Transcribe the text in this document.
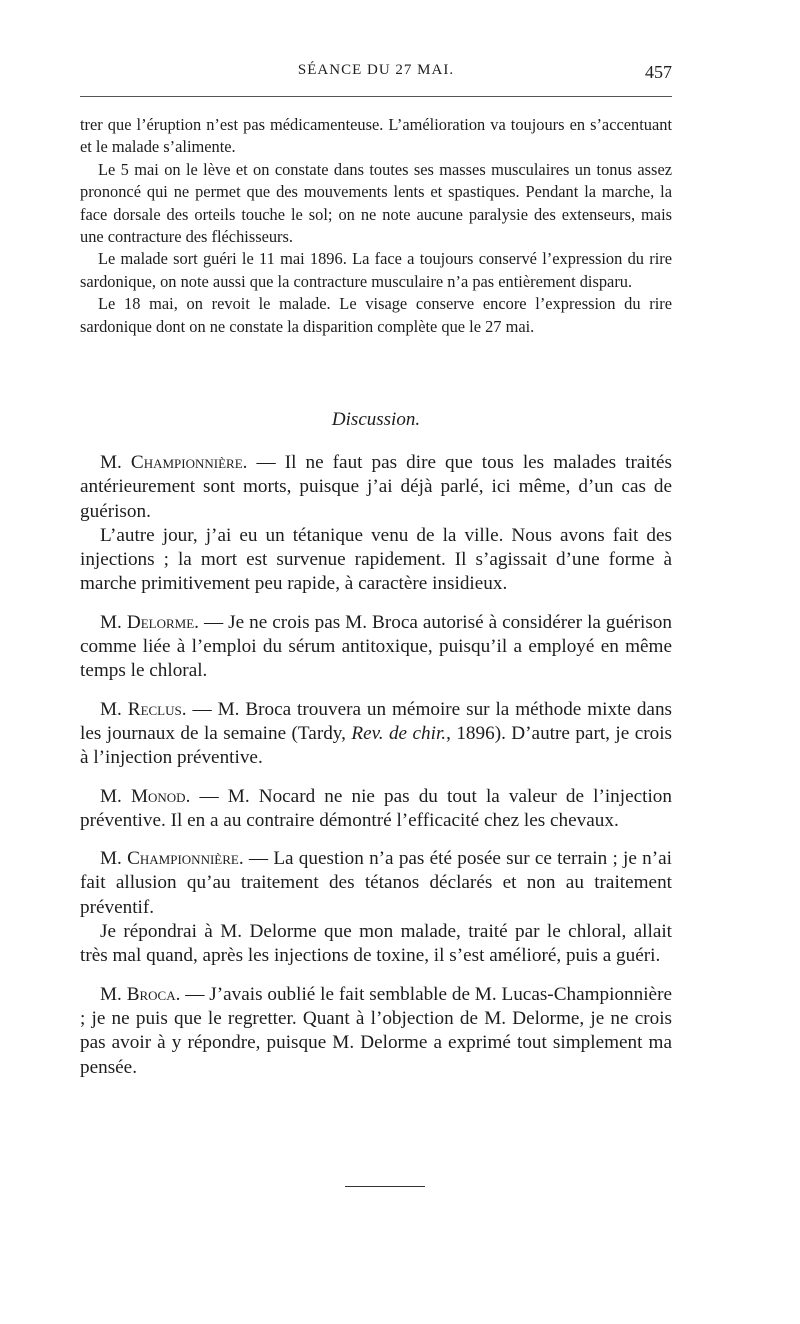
SÉANCE DU 27 MAI.	457

trer que l’éruption n’est pas médicamenteuse. L’amélioration va toujours en s’accentuant et le malade s’alimente.

Le 5 mai on le lève et on constate dans toutes ses masses musculaires un tonus assez prononcé qui ne permet que des mouvements lents et spastiques. Pendant la marche, la face dorsale des orteils touche le sol; on ne note aucune paralysie des extenseurs, mais une contracture des fléchisseurs.

Le malade sort guéri le 11 mai 1896. La face a toujours conservé l’expression du rire sardonique, on note aussi que la contracture musculaire n’a pas entièrement disparu.

Le 18 mai, on revoit le malade. Le visage conserve encore l’expression du rire sardonique dont on ne constate la disparition complète que le 27 mai.

Discussion.

M. Championnière. — Il ne faut pas dire que tous les malades traités antérieurement sont morts, puisque j’ai déjà parlé, ici même, d’un cas de guérison.

L’autre jour, j’ai eu un tétanique venu de la ville. Nous avons fait des injections ; la mort est survenue rapidement. Il s’agissait d’une forme à marche primitivement peu rapide, à caractère insidieux.

M. Delorme. — Je ne crois pas M. Broca autorisé à considérer la guérison comme liée à l’emploi du sérum antitoxique, puisqu’il a employé en même temps le chloral.

M. Reclus. — M. Broca trouvera un mémoire sur la méthode mixte dans les journaux de la semaine (Tardy, Rev. de chir., 1896). D’autre part, je crois à l’injection préventive.

M. Monod. — M. Nocard ne nie pas du tout la valeur de l’injection préventive. Il en a au contraire démontré l’efficacité chez les chevaux.

M. Championnière. — La question n’a pas été posée sur ce terrain ; je n’ai fait allusion qu’au traitement des tétanos déclarés et non au traitement préventif.

Je répondrai à M. Delorme que mon malade, traité par le chloral, allait très mal quand, après les injections de toxine, il s’est amélioré, puis a guéri.

M. Broca. — J’avais oublié le fait semblable de M. Lucas-Championnière ; je ne puis que le regretter. Quant à l’objection de M. Delorme, je ne crois pas avoir à y répondre, puisque M. Delorme a exprimé tout simplement ma pensée.
